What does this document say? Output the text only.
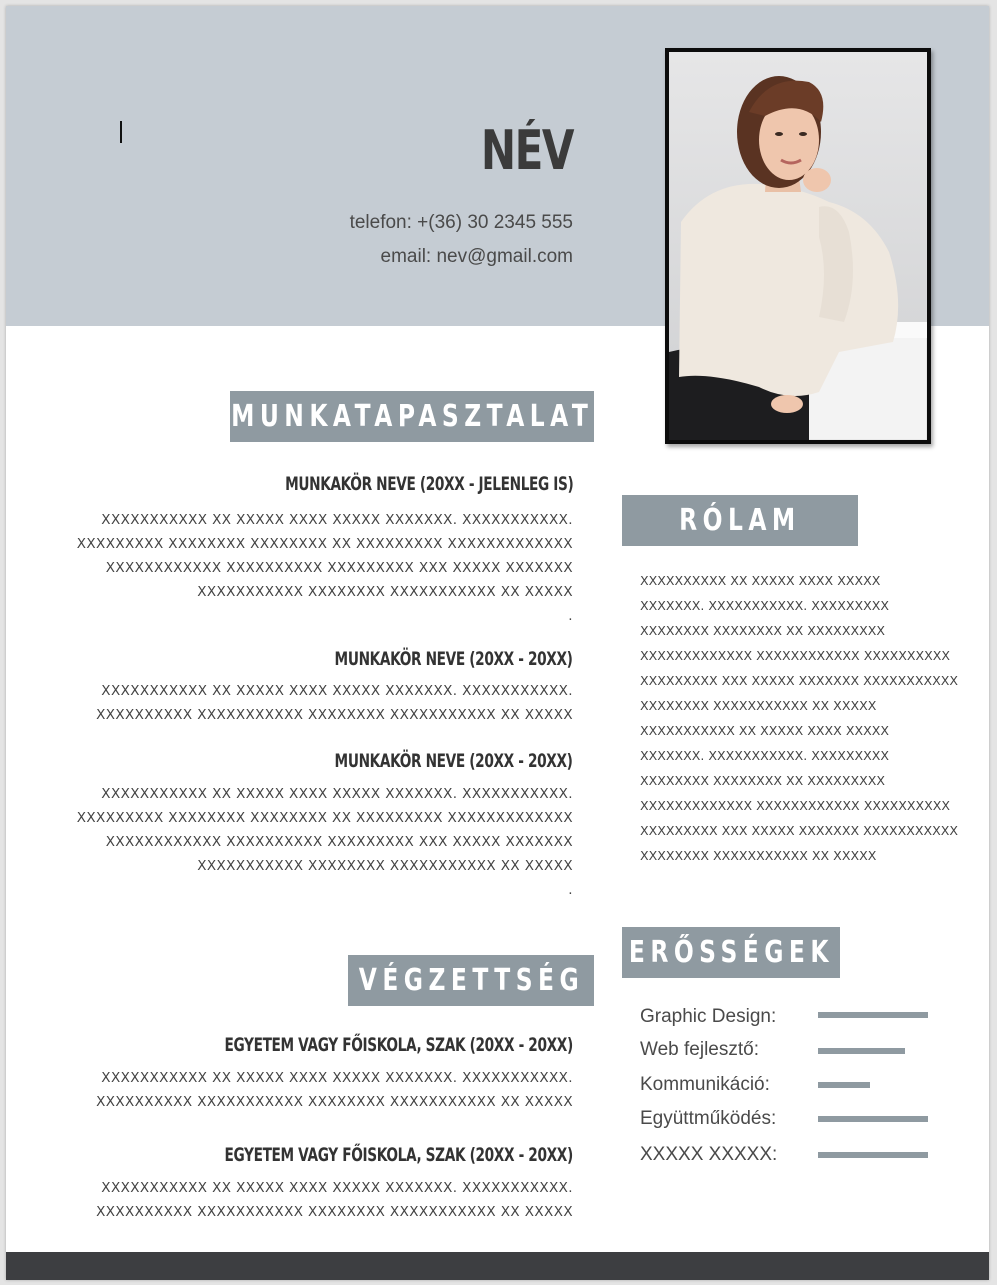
NÉV
telefon: +(36) 30 2345 555
email: nev@gmail.com
MUNKATAPASZTALAT
MUNKAKÖR NEVE (20XX - JELENLEG IS)
XXXXXXXXXXX XX XXXXX XXXX XXXXX XXXXXXX. XXXXXXXXXXX.
XXXXXXXXX XXXXXXXX XXXXXXXX XX XXXXXXXXX XXXXXXXXXXXXX
XXXXXXXXXXXX XXXXXXXXXX XXXXXXXXX XXX XXXXX XXXXXXX
XXXXXXXXXXX XXXXXXXX XXXXXXXXXXX XX XXXXX
.
MUNKAKÖR NEVE (20XX - 20XX)
XXXXXXXXXXX XX XXXXX XXXX XXXXX XXXXXXX. XXXXXXXXXXX.
XXXXXXXXXX XXXXXXXXXXX XXXXXXXX XXXXXXXXXXX XX XXXXX
MUNKAKÖR NEVE (20XX - 20XX)
XXXXXXXXXXX XX XXXXX XXXX XXXXX XXXXXXX. XXXXXXXXXXX.
XXXXXXXXX XXXXXXXX XXXXXXXX XX XXXXXXXXX XXXXXXXXXXXXX
XXXXXXXXXXXX XXXXXXXXXX XXXXXXXXX XXX XXXXX XXXXXXX
XXXXXXXXXXX XXXXXXXX XXXXXXXXXXX XX XXXXX
.
VÉGZETTSÉG
EGYETEM VAGY FŐISKOLA, SZAK (20XX - 20XX)
XXXXXXXXXXX XX XXXXX XXXX XXXXX XXXXXXX. XXXXXXXXXXX.
XXXXXXXXXX XXXXXXXXXXX XXXXXXXX XXXXXXXXXXX XX XXXXX
EGYETEM VAGY FŐISKOLA, SZAK (20XX - 20XX)
XXXXXXXXXXX XX XXXXX XXXX XXXXX XXXXXXX. XXXXXXXXXXX.
XXXXXXXXXX XXXXXXXXXXX XXXXXXXX XXXXXXXXXXX XX XXXXX
RÓLAM
XXXXXXXXXX XX XXXXX XXXX XXXXX
XXXXXXX. XXXXXXXXXXX. XXXXXXXXX
XXXXXXXX XXXXXXXX XX XXXXXXXXX
XXXXXXXXXXXXX XXXXXXXXXXXX XXXXXXXXXX
XXXXXXXXX XXX XXXXX XXXXXXX XXXXXXXXXXX
XXXXXXXX XXXXXXXXXXX XX XXXXX
XXXXXXXXXXX XX XXXXX XXXX XXXXX
XXXXXXX. XXXXXXXXXXX. XXXXXXXXX
XXXXXXXX XXXXXXXX XX XXXXXXXXX
XXXXXXXXXXXXX XXXXXXXXXXXX XXXXXXXXXX
XXXXXXXXX XXX XXXXX XXXXXXX XXXXXXXXXXX
XXXXXXXX XXXXXXXXXXX XX XXXXX
ERŐSSÉGEK
Graphic Design:
Web fejlesztő:
Kommunikáció:
Együttműködés:
XXXXX XXXXX:
